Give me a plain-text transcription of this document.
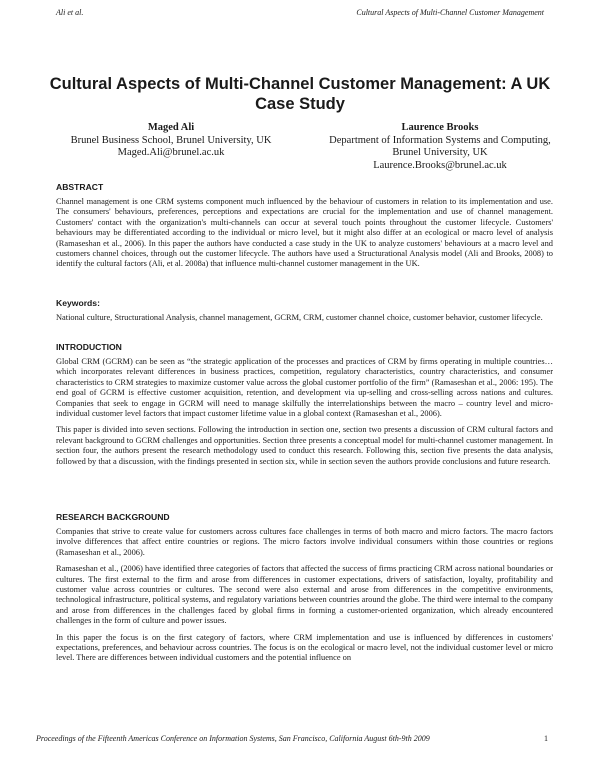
Ali et al.	Cultural Aspects of Multi-Channel Customer Management
Cultural Aspects of Multi-Channel Customer Management: A UK Case Study
Maged Ali
Brunel Business School, Brunel University, UK
Maged.Ali@brunel.ac.uk
Laurence Brooks
Department of Information Systems and Computing, Brunel University, UK
Laurence.Brooks@brunel.ac.uk
ABSTRACT

Channel management is one CRM systems component much influenced by the behaviour of customers in relation to its implementation and use. The consumers' behaviours, preferences, perceptions and expectations are crucial for the implementation and use of channel management. Customers' contact with the organization's multi-channels can occur at several touch points throughout the customer lifecycle. Customers' behaviours may be differentiated according to the individual or micro level, but it might also differ at an ecological or macro level of analysis (Ramaseshan et al., 2006). In this paper the authors have conducted a case study in the UK to analyze customers' behaviours at a macro level and customers channel choices, through out the customer lifecycle. The authors have used a Structurational Analysis model (Ali and Brooks, 2008) to identify the cultural factors (Ali, et al. 2008a) that influence multi-channel customer management in the UK.

Keywords:

National culture, Structurational Analysis, channel management, GCRM, CRM, customer channel choice, customer behavior, customer lifecycle.

INTRODUCTION

Global CRM (GCRM) can be seen as “the strategic application of the processes and practices of CRM by firms operating in multiple countries…which incorporates relevant differences in business practices, competition, regulatory characteristics, country characteristics, and consumer characteristics to CRM strategies to maximize customer value across the global customer portfolio of the firm” (Ramaseshan et al., 2006: 195). The end goal of GCRM is effective customer acquisition, retention, and development via up-selling and cross-selling across nations and cultures. Companies that seek to engage in GCRM will need to manage skilfully the interrelationships between the macro – country level and micro- individual customer level factors that impact customer lifetime value in a global context (Ramaseshan et al., 2006).

This paper is divided into seven sections. Following the introduction in section one, section two presents a discussion of CRM cultural factors and relevant background to GCRM challenges and opportunities. Section three presents a conceptual model for multi-channel customer management. In section four, the authors present the research methodology used to conduct this research. Following this, section five presents the data analysis, followed by that a discussion, with the findings presented in section six, while in section seven the authors provide conclusions and future research.

RESEARCH BACKGROUND

Companies that strive to create value for customers across cultures face challenges in terms of both macro and micro factors. The macro factors involve differences that affect entire countries or regions. The micro factors involve individual consumers within those countries or regions (Ramaseshan et al., 2006).

Ramaseshan et al., (2006) have identified three categories of factors that affected the success of firms practicing CRM across national boundaries or cultures. The first external to the firm and arose from differences in customer expectations, drivers of satisfaction, loyalty, profitability and customer value across countries or cultures. The second were also external and arose from differences in the competitive environments, technological infrastructure, political systems, and regulatory variations between countries around the globe. The third were internal to the company and arose from differences in the challenges faced by global firms in forming a customer-oriented organization, which already encountered challenges in the form of culture and power issues.

In this paper the focus is on the first category of factors, where CRM implementation and use is influenced by differences in customers' expectations, preferences, and behaviour across countries. The focus is on the ecological or macro level, not the individual customer level or micro level. There are differences between individual customers and the potential influence on

Proceedings of the Fifteenth Americas Conference on Information Systems, San Francisco, California August 6th-9th 2009	1
